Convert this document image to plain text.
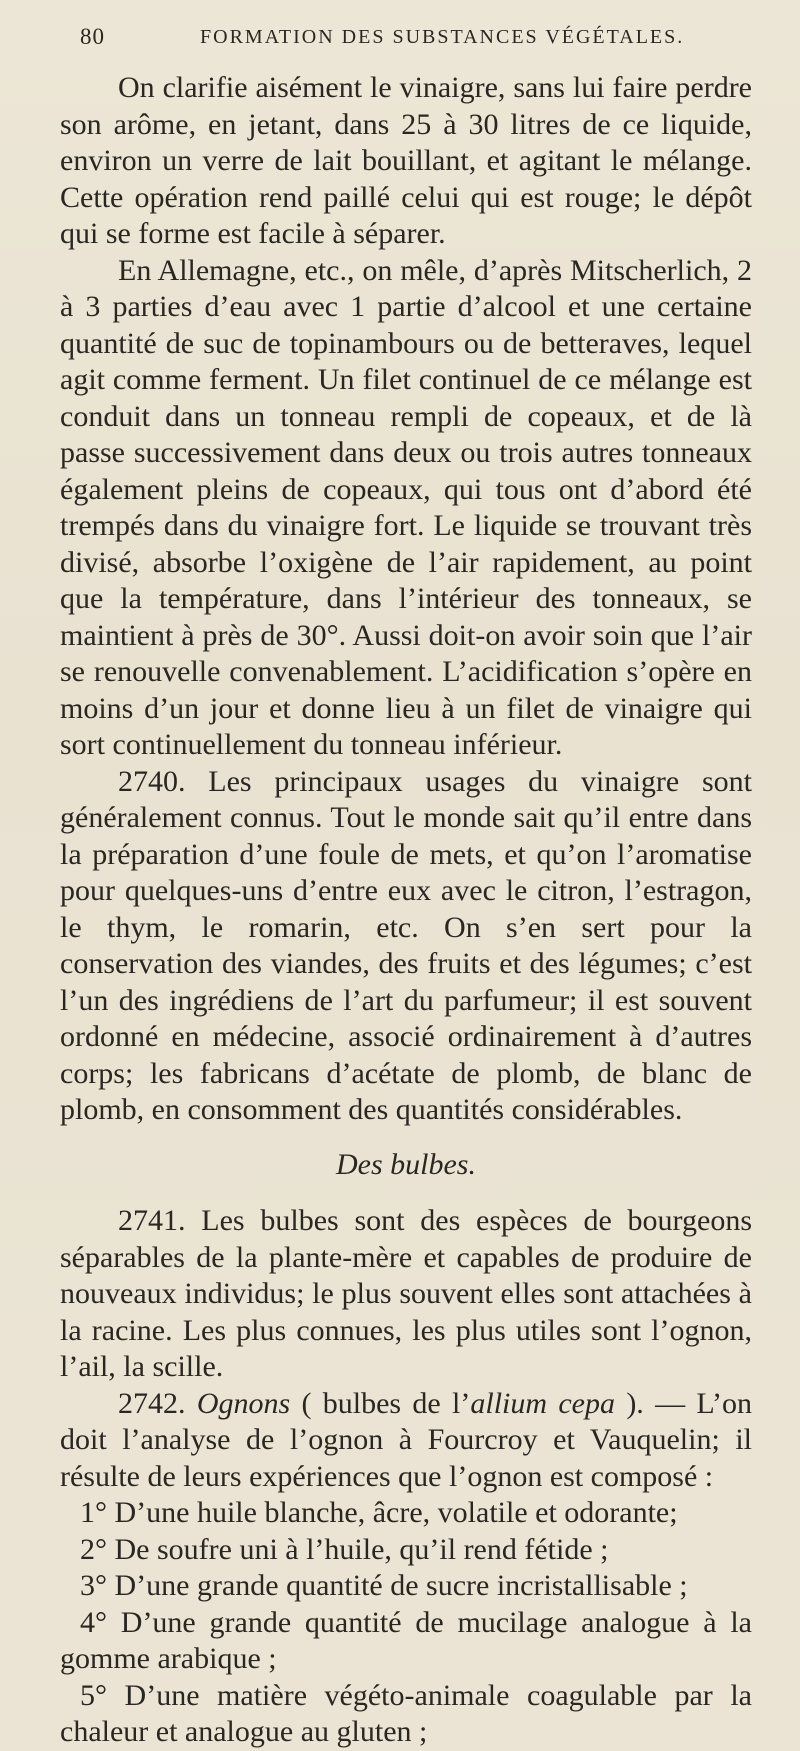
80	FORMATION DES SUBSTANCES VÉGÉTALES.

On clarifie aisément le vinaigre, sans lui faire perdre son arôme, en jetant, dans 25 à 30 litres de ce liquide, environ un verre de lait bouillant, et agitant le mélange. Cette opération rend paillé celui qui est rouge; le dépôt qui se forme est facile à séparer.

En Allemagne, etc., on mêle, d’après Mitscherlich, 2 à 3 parties d’eau avec 1 partie d’alcool et une certaine quantité de suc de topinambours ou de betteraves, lequel agit comme ferment. Un filet continuel de ce mélange est conduit dans un tonneau rempli de copeaux, et de là passe successivement dans deux ou trois autres tonneaux également pleins de copeaux, qui tous ont d’abord été trempés dans du vinaigre fort. Le liquide se trouvant très divisé, absorbe l’oxigène de l’air rapidement, au point que la température, dans l’intérieur des tonneaux, se maintient à près de 30°. Aussi doit-on avoir soin que l’air se renouvelle convenablement. L’acidification s’opère en moins d’un jour et donne lieu à un filet de vinaigre qui sort continuellement du tonneau inférieur.

2740. Les principaux usages du vinaigre sont généralement connus. Tout le monde sait qu’il entre dans la préparation d’une foule de mets, et qu’on l’aromatise pour quelques-uns d’entre eux avec le citron, l’estragon, le thym, le romarin, etc. On s’en sert pour la conservation des viandes, des fruits et des légumes; c’est l’un des ingrédiens de l’art du parfumeur; il est souvent ordonné en médecine, associé ordinairement à d’autres corps; les fabricans d’acétate de plomb, de blanc de plomb, en consomment des quantités considérables.

Des bulbes.

2741. Les bulbes sont des espèces de bourgeons séparables de la plante-mère et capables de produire de nouveaux individus; le plus souvent elles sont attachées à la racine. Les plus connues, les plus utiles sont l’ognon, l’ail, la scille.

2742. Ognons ( bulbes de l’allium cepa ). — L’on doit l’analyse de l’ognon à Fourcroy et Vauquelin; il résulte de leurs expériences que l’ognon est composé :

1° D’une huile blanche, âcre, volatile et odorante;
2° De soufre uni à l’huile, qu’il rend fétide ;
3° D’une grande quantité de sucre incristallisable ;
4° D’une grande quantité de mucilage analogue à la gomme arabique ;
5° D’une matière végéto-animale coagulable par la chaleur et analogue au gluten ;
